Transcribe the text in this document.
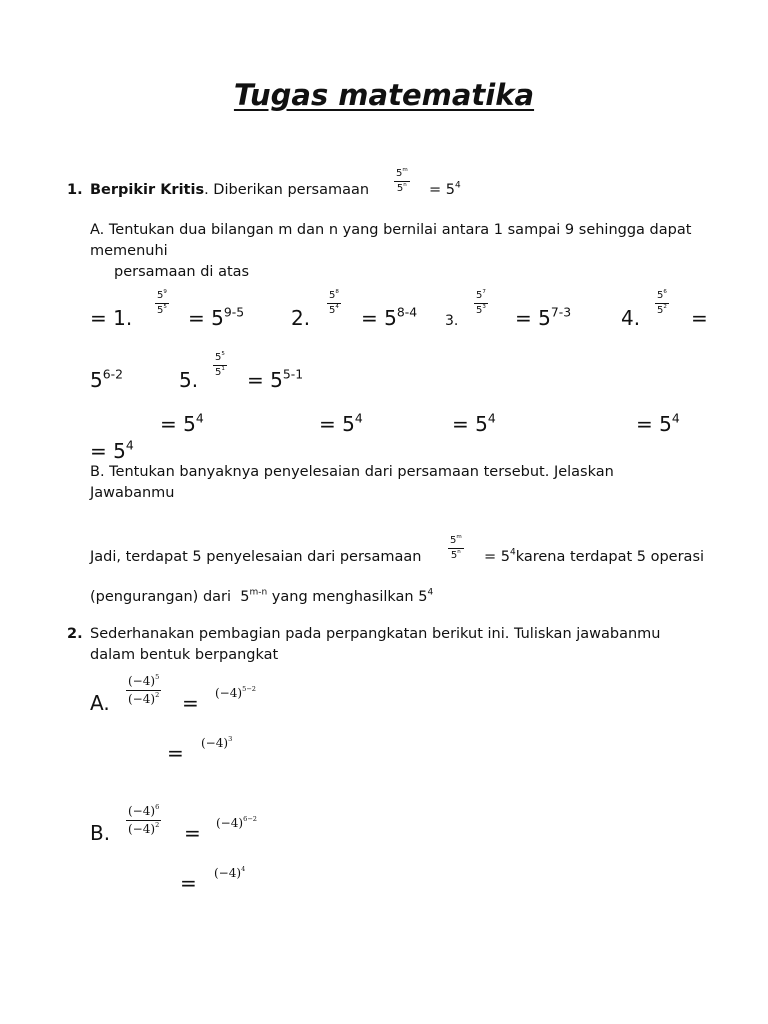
Tugas matematika
1. Berpikir Kritis. Diberikan persamaan
5$^m$
$5^n = 5^4$
A. Tentukan dua bilangan m dan n yang bernilai antara 1 sampai 9 sehingga dapat
memenuhi
persamaan di atas
= 1.
$5^9$
$5^5 = 5^{9-5}$ 2.
$5^8$
$5^4 = 5^{8-4}$
3.
$5^7$
$5^3 = 5^{7-3}$ 4.
$5^6$
$5^2$ =
$5^{6-2}$	5.
$5^5$
$5^1 = 5^{5-1}$
= $5^4$	= $5^4$	= $5^4$	= $5^4$
= $5^4$
B. Tentukan banyaknya penyelesaian dari persamaan tersebut. Jelaskan
Jawabanmu
Jadi, terdapat 5 penyelesaian dari persamaan
5$^m$
$5^n$ = $5^4karena$ terdapat 5 operasi
(pengurangan) dari 5$^{m-n}$ yang menghasilkan $5^4$
2. Sederhanakan pembagian pada perpangkatan berikut ini. Tuliskan jawabanmu
dalam bentuk berpangkat
A.
$(-4)^5$
$(-4)^2 = (-4)^{5-2}$
= $(-4)^3$
B.
$(-4)^6$
$(-4)^2 = (-4)^{6-2}$
= $(-4)^4$
